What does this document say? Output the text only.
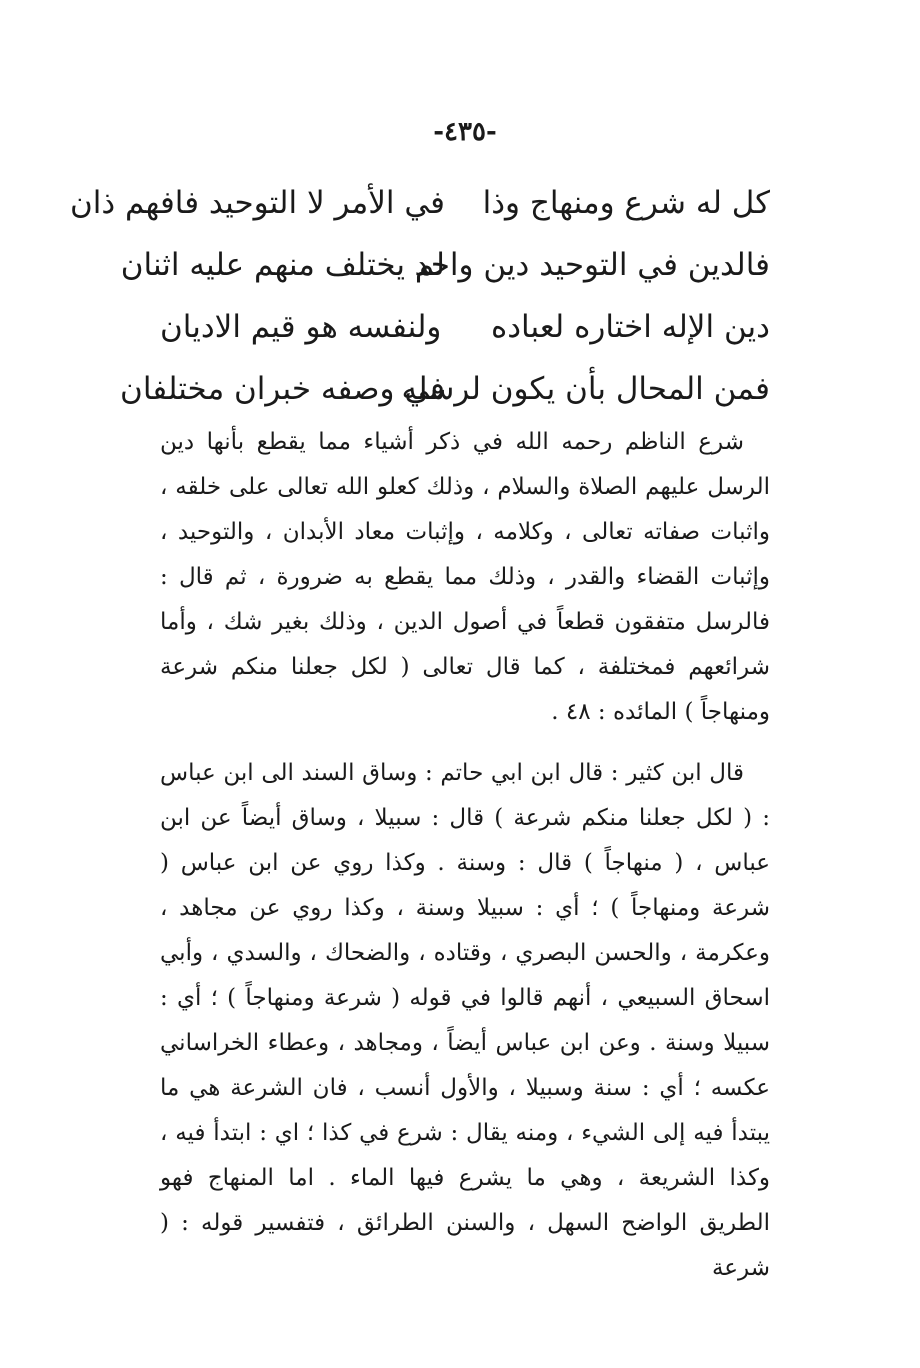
-٤٣٥-
كل له شرع ومنهاج وذا
في الأمر لا التوحيد فافهم ذان
فالدين في التوحيد دين واحد
لم يختلف منهم عليه اثنان
دين الإله اختاره لعباده
ولنفسه هو قيم الاديان
فمن المحال بأن يكون لرسله
في وصفه خبران مختلفان

شرع الناظم رحمه الله في ذكر أشياء مما يقطع بأنها دين الرسل عليهم الصلاة والسلام ، وذلك كعلو الله تعالى على خلقه ، واثبات صفاته تعالى ، وكلامه ، وإثبات معاد الأبدان ، والتوحيد ، وإثبات القضاء والقدر ، وذلك مما يقطع به ضرورة ، ثم قال : فالرسل متفقون قطعاً في أصول الدين ، وذلك بغير شك ، وأما شرائعهم فمختلفة ، كما قال تعالى ( لكل جعلنا منكم شرعة ومنهاجاً ) المائده : ٤٨ .

قال ابن كثير : قال ابن ابي حاتم : وساق السند الى ابن عباس : ( لكل جعلنا منكم شرعة ) قال : سبيلا ، وساق أيضاً عن ابن عباس ، ( منهاجاً ) قال : وسنة . وكذا روي عن ابن عباس ( شرعة ومنهاجاً ) ؛ أي : سبيلا وسنة ، وكذا روي عن مجاهد ، وعكرمة ، والحسن البصري ، وقتاده ، والضحاك ، والسدي ، وأبي اسحاق السبيعي ، أنهم قالوا في قوله ( شرعة ومنهاجاً ) ؛ أي : سبيلا وسنة . وعن ابن عباس أيضاً ، ومجاهد ، وعطاء الخراساني عكسه ؛ أي : سنة وسبيلا ، والأول أنسب ، فان الشرعة هي ما يبتدأ فيه إلى الشيء ، ومنه يقال : شرع في كذا ؛ اي : ابتدأ فيه ، وكذا الشريعة ، وهي ما يشرع فيها الماء . اما المنهاج فهو الطريق الواضح السهل ، والسنن الطرائق ، فتفسير قوله : ( شرعة
